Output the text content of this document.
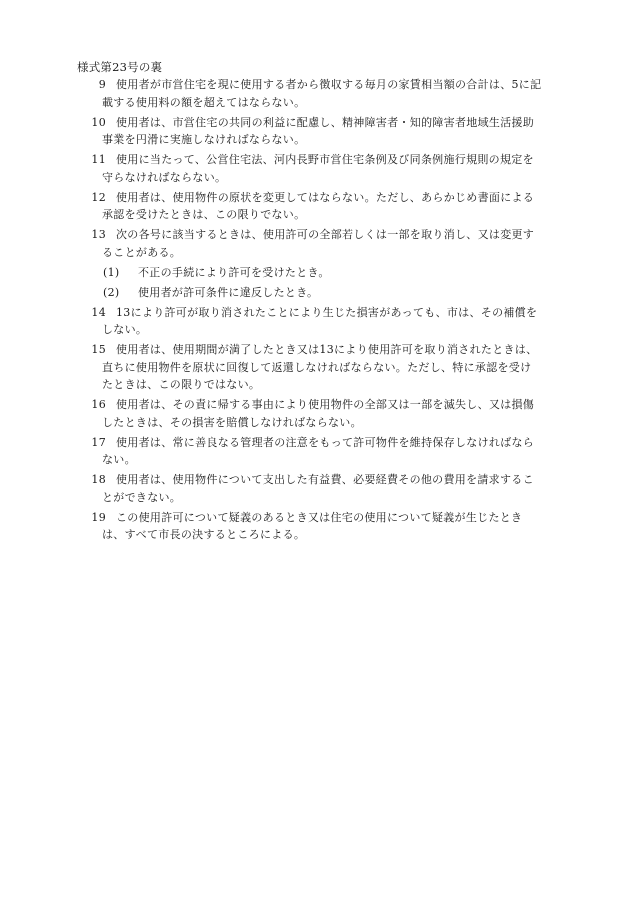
様式第23号の裏
9 使用者が市営住宅を現に使用する者から徴収する毎月の家賃相当額の合計は、5に記
載する使用料の額を超えてはならない。
10 使用者は、市営住宅の共同の利益に配慮し、精神障害者・知的障害者地域生活援助
事業を円滑に実施しなければならない。
11 使用に当たって、公営住宅法、河内長野市営住宅条例及び同条例施行規則の規定を
守らなければならない。
12 使用者は、使用物件の原状を変更してはならない。ただし、あらかじめ書面による
承認を受けたときは、この限りでない。
13 次の各号に該当するときは、使用許可の全部若しくは一部を取り消し、又は変更す
ることがある。
(1) 不正の手続により許可を受けたとき。
(2) 使用者が許可条件に違反したとき。
14 13により許可が取り消されたことにより生じた損害があっても、市は、その補償を
しない。
15 使用者は、使用期間が満了したとき又は13により使用許可を取り消されたときは、
直ちに使用物件を原状に回復して返還しなければならない。ただし、特に承認を受け
たときは、この限りではない。
16 使用者は、その責に帰する事由により使用物件の全部又は一部を滅失し、又は損傷
したときは、その損害を賠償しなければならない。
17 使用者は、常に善良なる管理者の注意をもって許可物件を維持保存しなければなら
ない。
18 使用者は、使用物件について支出した有益費、必要経費その他の費用を請求するこ
とができない。
19 この使用許可について疑義のあるとき又は住宅の使用について疑義が生じたとき
は、すべて市長の決するところによる。
